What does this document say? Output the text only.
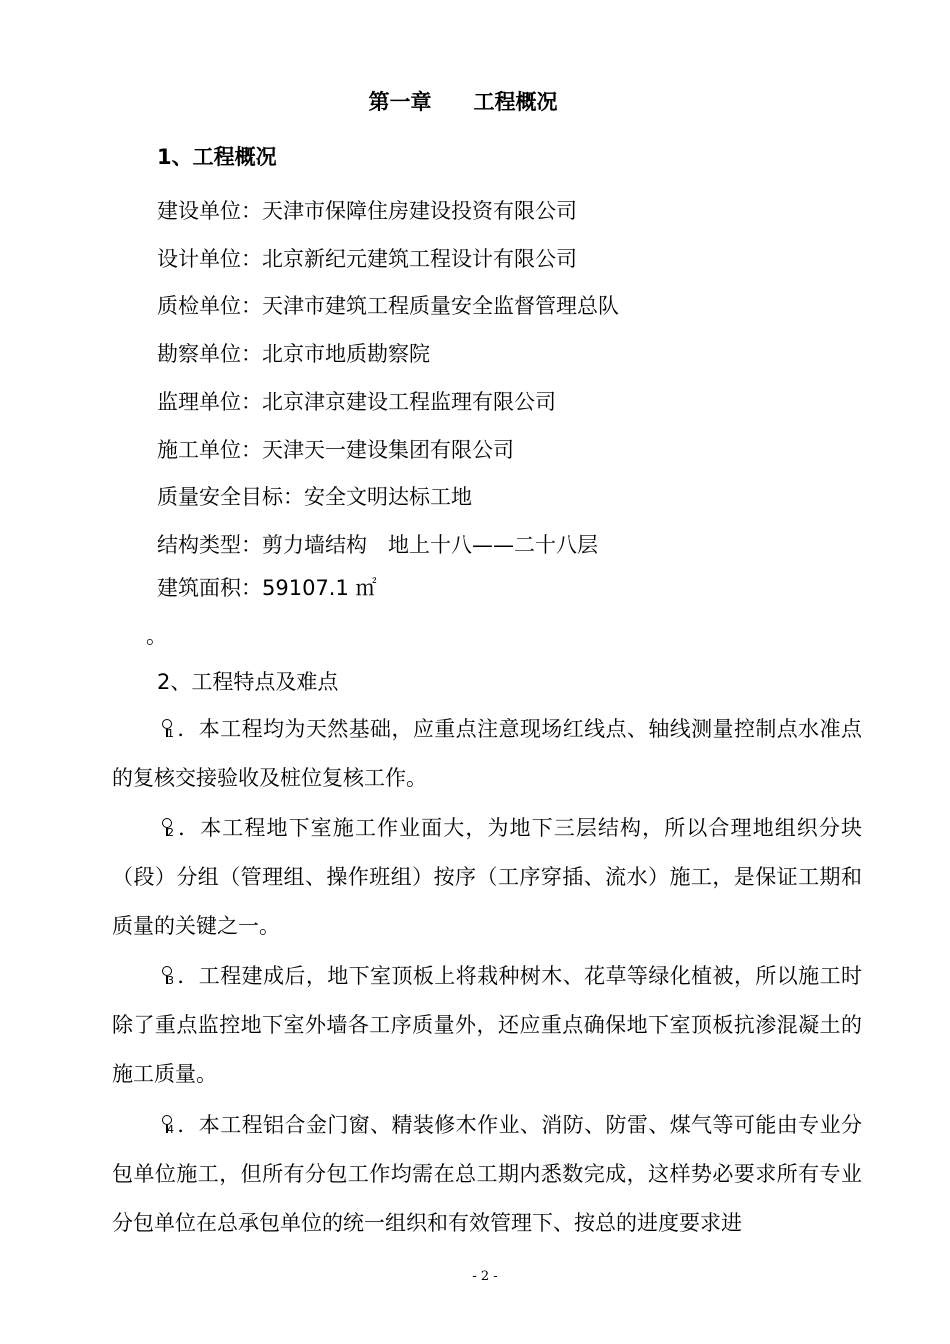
第一章　　工程概况
1、工程概况
建设单位：天津市保障住房建设投资有限公司
设计单位：北京新纪元建筑工程设计有限公司
质检单位：天津市建筑工程质量安全监督管理总队
勘察单位：北京市地质勘察院
监理单位：北京津京建设工程监理有限公司
施工单位：天津天一建设集团有限公司
质量安全目标：安全文明达标工地
结构类型：剪力墙结构　地上十八——二十八层
建筑面积：59107.1 ㎡
。
2、工程特点及难点

1 ．本工程均为天然基础，应重点注意现场红线点、轴线测量控制点水准点的复核交接验收及桩位复核工作。

2 ．本工程地下室施工作业面大，为地下三层结构，所以合理地组织分块（段）分组（管理组、操作班组）按序（工序穿插、流水）施工，是保证工期和质量的关键之一。

3 ．工程建成后，地下室顶板上将栽种树木、花草等绿化植被，所以施工时除了重点监控地下室外墙各工序质量外，还应重点确保地下室顶板抗渗混凝土的施工质量。

4 ．本工程铝合金门窗、精装修木作业、消防、防雷、煤气等可能由专业分包单位施工，但所有分包工作均需在总工期内悉数完成，这样势必要求所有专业分包单位在总承包单位的统一组织和有效管理下、按总的进度要求进

- 2 -
